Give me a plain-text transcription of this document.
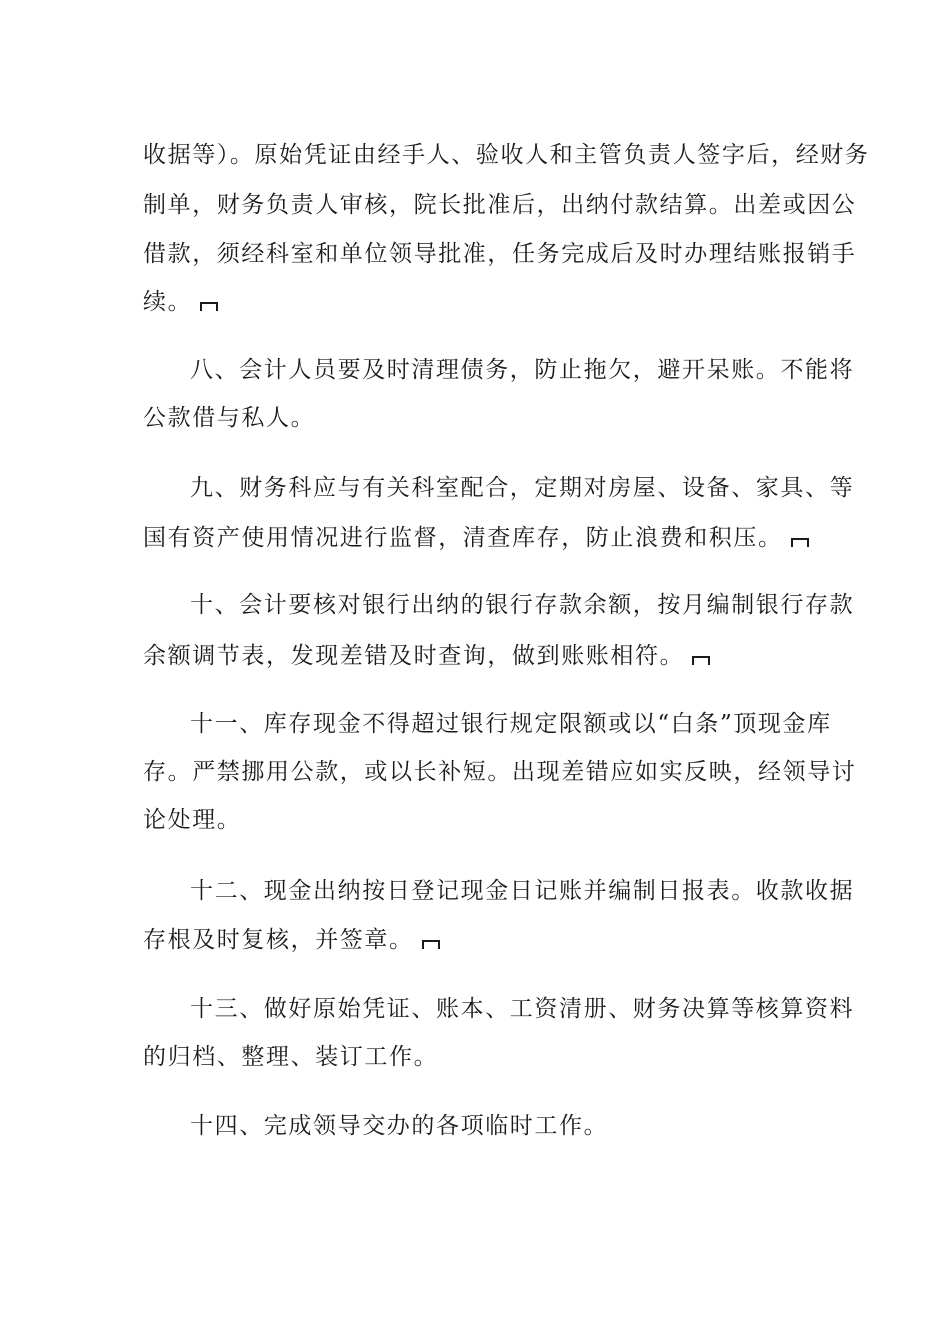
收据等）。原始凭证由经手人、验收人和主管负责人签字后，经财务
制单，财务负责人审核，院长批准后，出纳付款结算。出差或因公
借款，须经科室和单位领导批准，任务完成后及时办理结账报销手
续。
八、会计人员要及时清理债务，防止拖欠，避开呆账。不能将
公款借与私人。
九、财务科应与有关科室配合，定期对房屋、设备、家具、等
国有资产使用情况进行监督，清查库存，防止浪费和积压。
十、会计要核对银行出纳的银行存款余额，按月编制银行存款
余额调节表，发现差错及时查询，做到账账相符。
十一、库存现金不得超过银行规定限额或以“白条”顶现金库
存。严禁挪用公款，或以长补短。出现差错应如实反映，经领导讨
论处理。
十二、现金出纳按日登记现金日记账并编制日报表。收款收据
存根及时复核，并签章。
十三、做好原始凭证、账本、工资清册、财务决算等核算资料
的归档、整理、装订工作。
十四、完成领导交办的各项临时工作。
